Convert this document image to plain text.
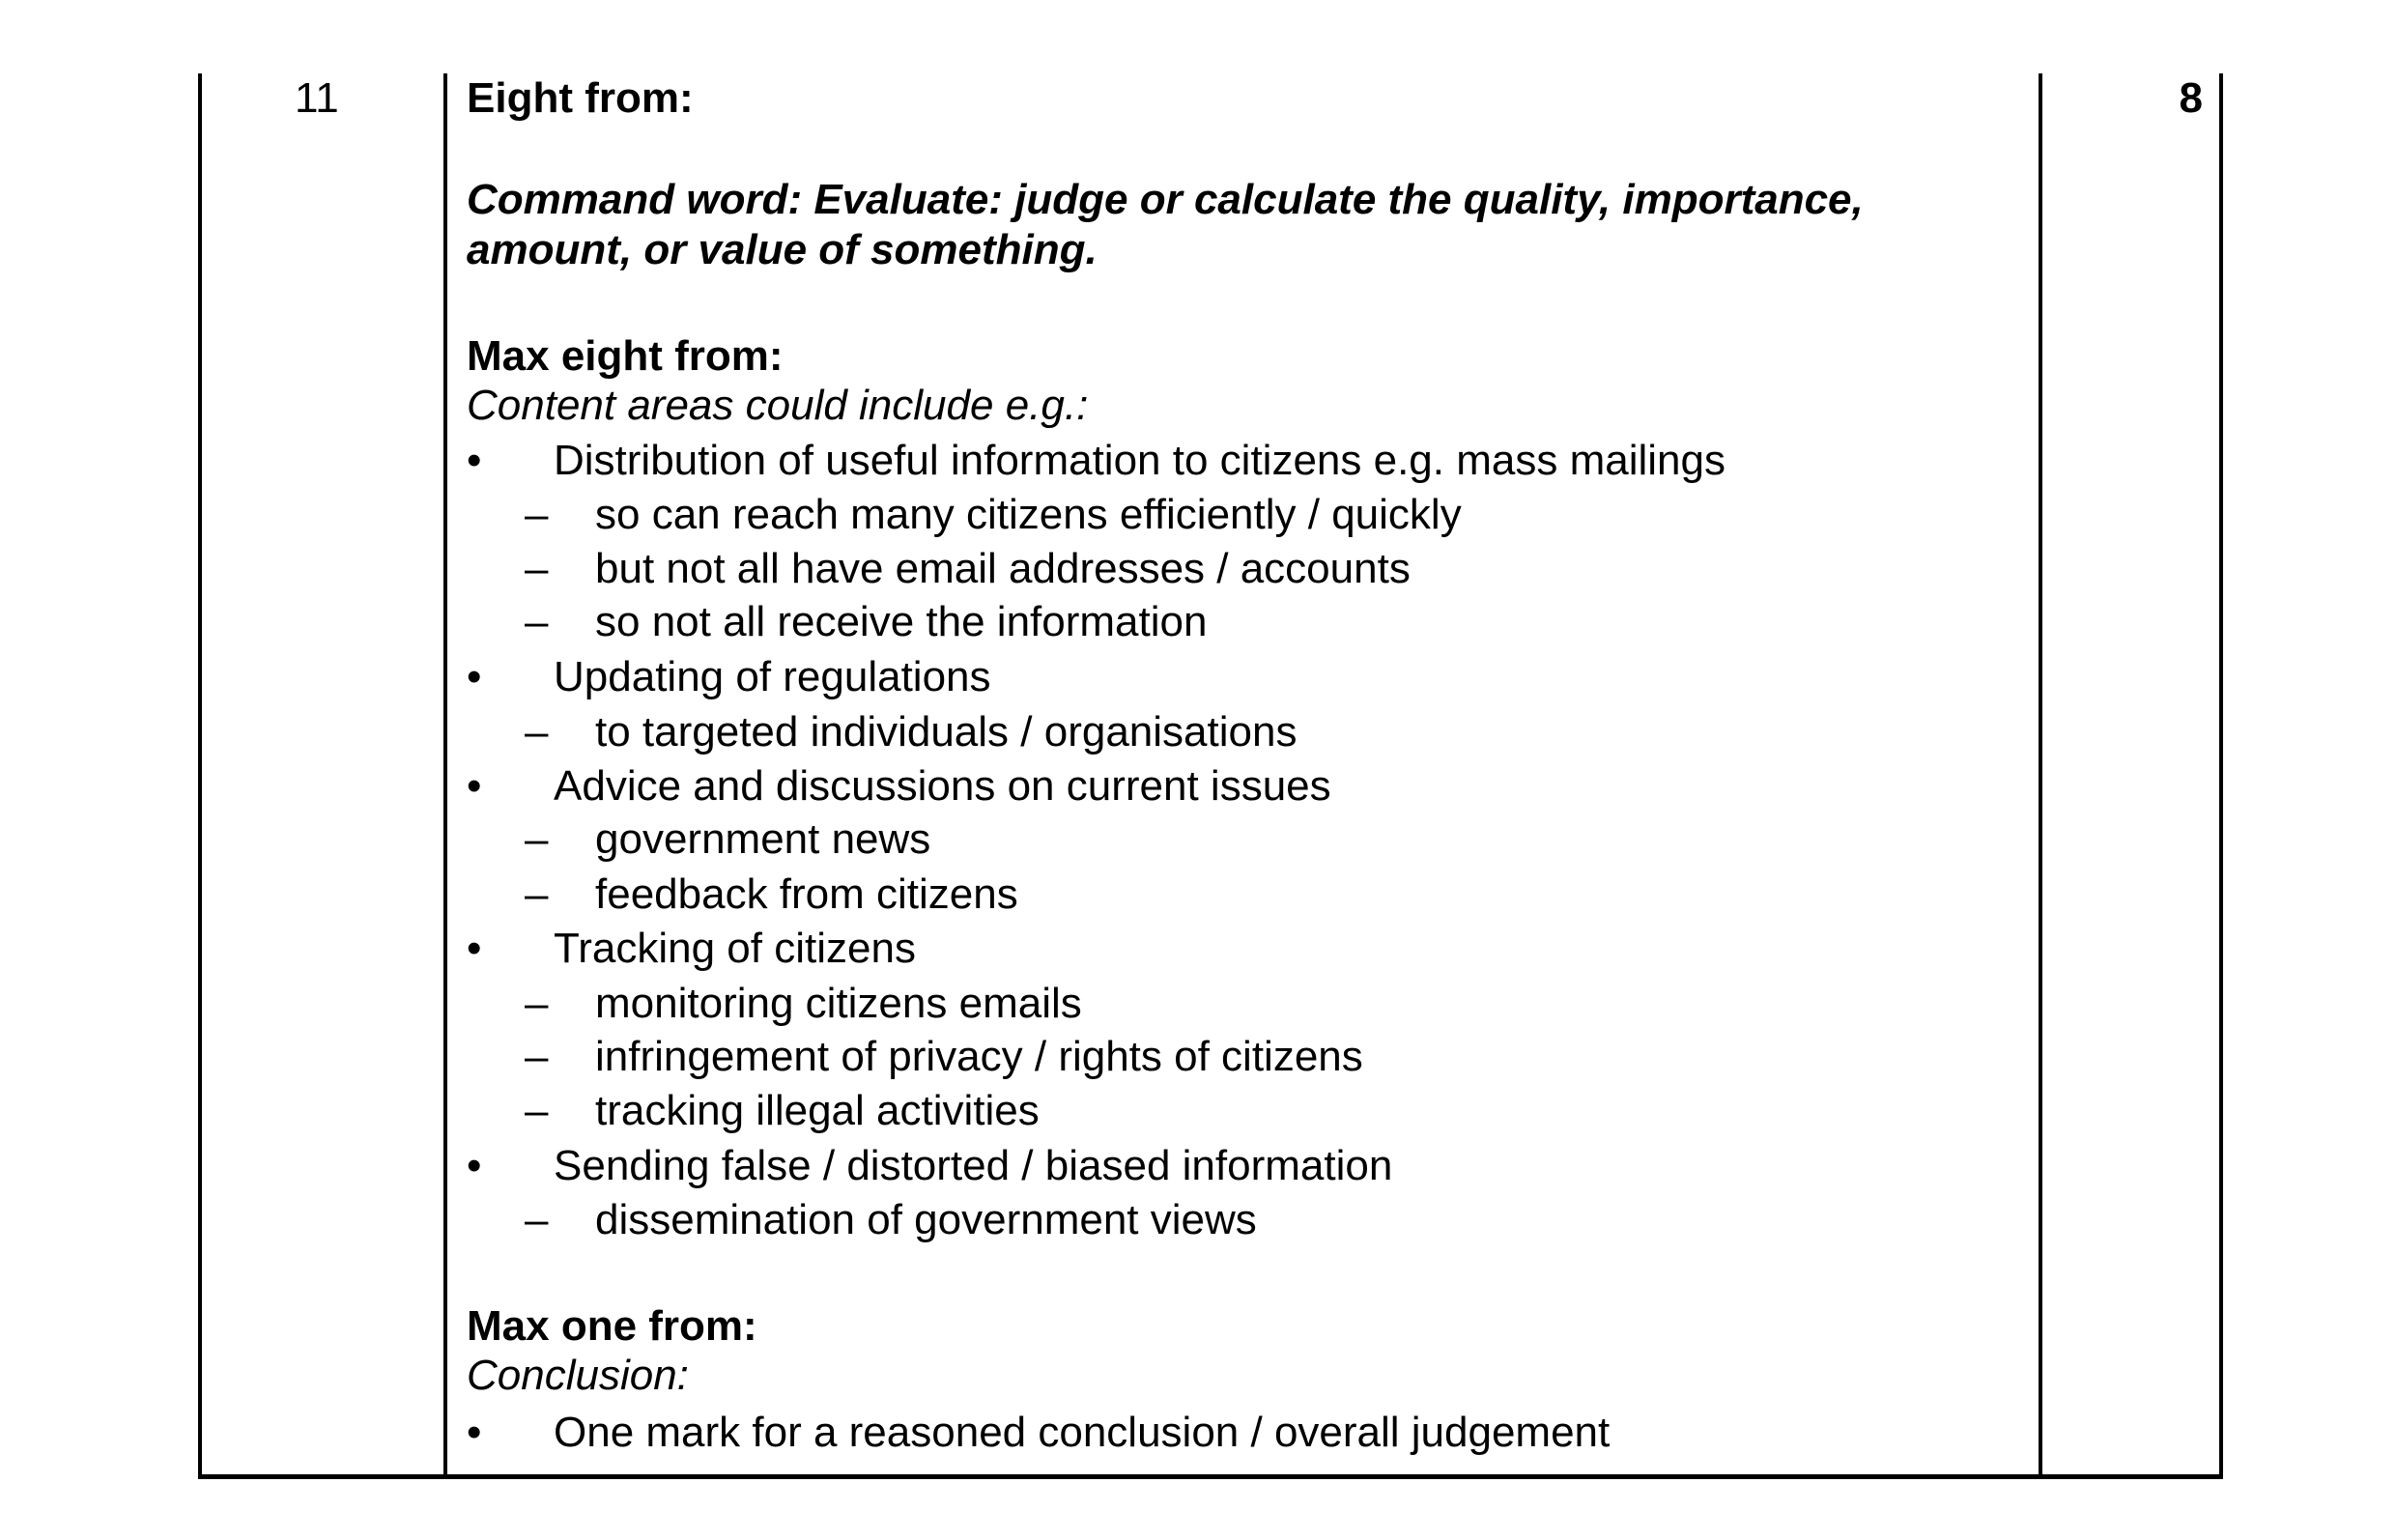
11	8
Eight from:
Command word: Evaluate: judge or calculate the quality, importance,
amount, or value of something.
Max eight from:
Content areas could include e.g.:
• Distribution of useful information to citizens e.g. mass mailings
– so can reach many citizens efficiently / quickly
– but not all have email addresses / accounts
– so not all receive the information
• Updating of regulations
– to targeted individuals / organisations
• Advice and discussions on current issues
– government news
– feedback from citizens
• Tracking of citizens
– monitoring citizens emails
– infringement of privacy / rights of citizens
– tracking illegal activities
• Sending false / distorted / biased information
– dissemination of government views
Max one from:
Conclusion:
• One mark for a reasoned conclusion / overall judgement
